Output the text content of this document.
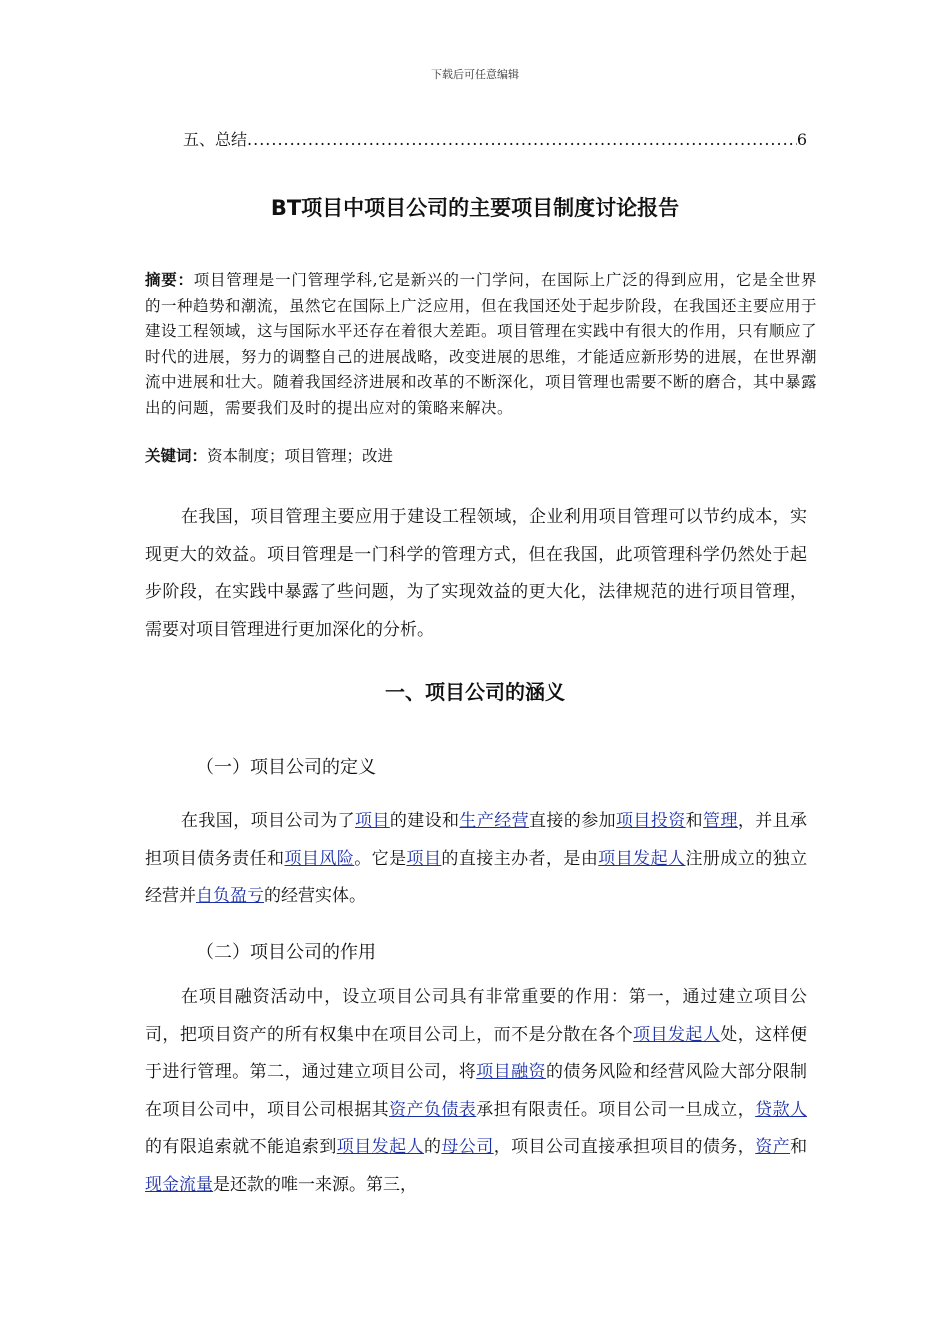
下载后可任意编辑
五、总结
.....	6
BT项目中项目公司的主要项目制度讨论报告
摘要：项目管理是一门管理学科,它是新兴的一门学问，在国际上广泛的得到应用，它是全世界的一种趋势和潮流，虽然它在国际上广泛应用，但在我国还处于起步阶段，在我国还主要应用于建设工程领域，这与国际水平还存在着很大差距。项目管理在实践中有很大的作用，只有顺应了时代的进展，努力的调整自己的进展战略，改变进展的思维，才能适应新形势的进展，在世界潮流中进展和壮大。随着我国经济进展和改革的不断深化，项目管理也需要不断的磨合，其中暴露出的问题，需要我们及时的提出应对的策略来解决。
关键词：资本制度；项目管理；改进
在我国，项目管理主要应用于建设工程领域，企业利用项目管理可以节约成本，实现更大的效益。项目管理是一门科学的管理方式，但在我国，此项管理科学仍然处于起步阶段，在实践中暴露了些问题，为了实现效益的更大化，法律规范的进行项目管理，需要对项目管理进行更加深化的分析。
一、项目公司的涵义
（一）项目公司的定义
在我国，项目公司为了项目的建设和生产经营直接的参加项目投资和管理，并且承担项目债务责任和项目风险。它是项目的直接主办者，是由项目发起人注册成立的独立经营并自负盈亏的经营实体。
（二）项目公司的作用
在项目融资活动中，设立项目公司具有非常重要的作用：第一，通过建立项目公司，把项目资产的所有权集中在项目公司上，而不是分散在各个项目发起人处，这样便于进行管理。第二，通过建立项目公司，将项目融资的债务风险和经营风险大部分限制在项目公司中，项目公司根据其资产负债表承担有限责任。项目公司一旦成立，贷款人的有限追索就不能追索到项目发起人的母公司，项目公司直接承担项目的债务，资产和现金流量是还款的唯一来源。第三，
